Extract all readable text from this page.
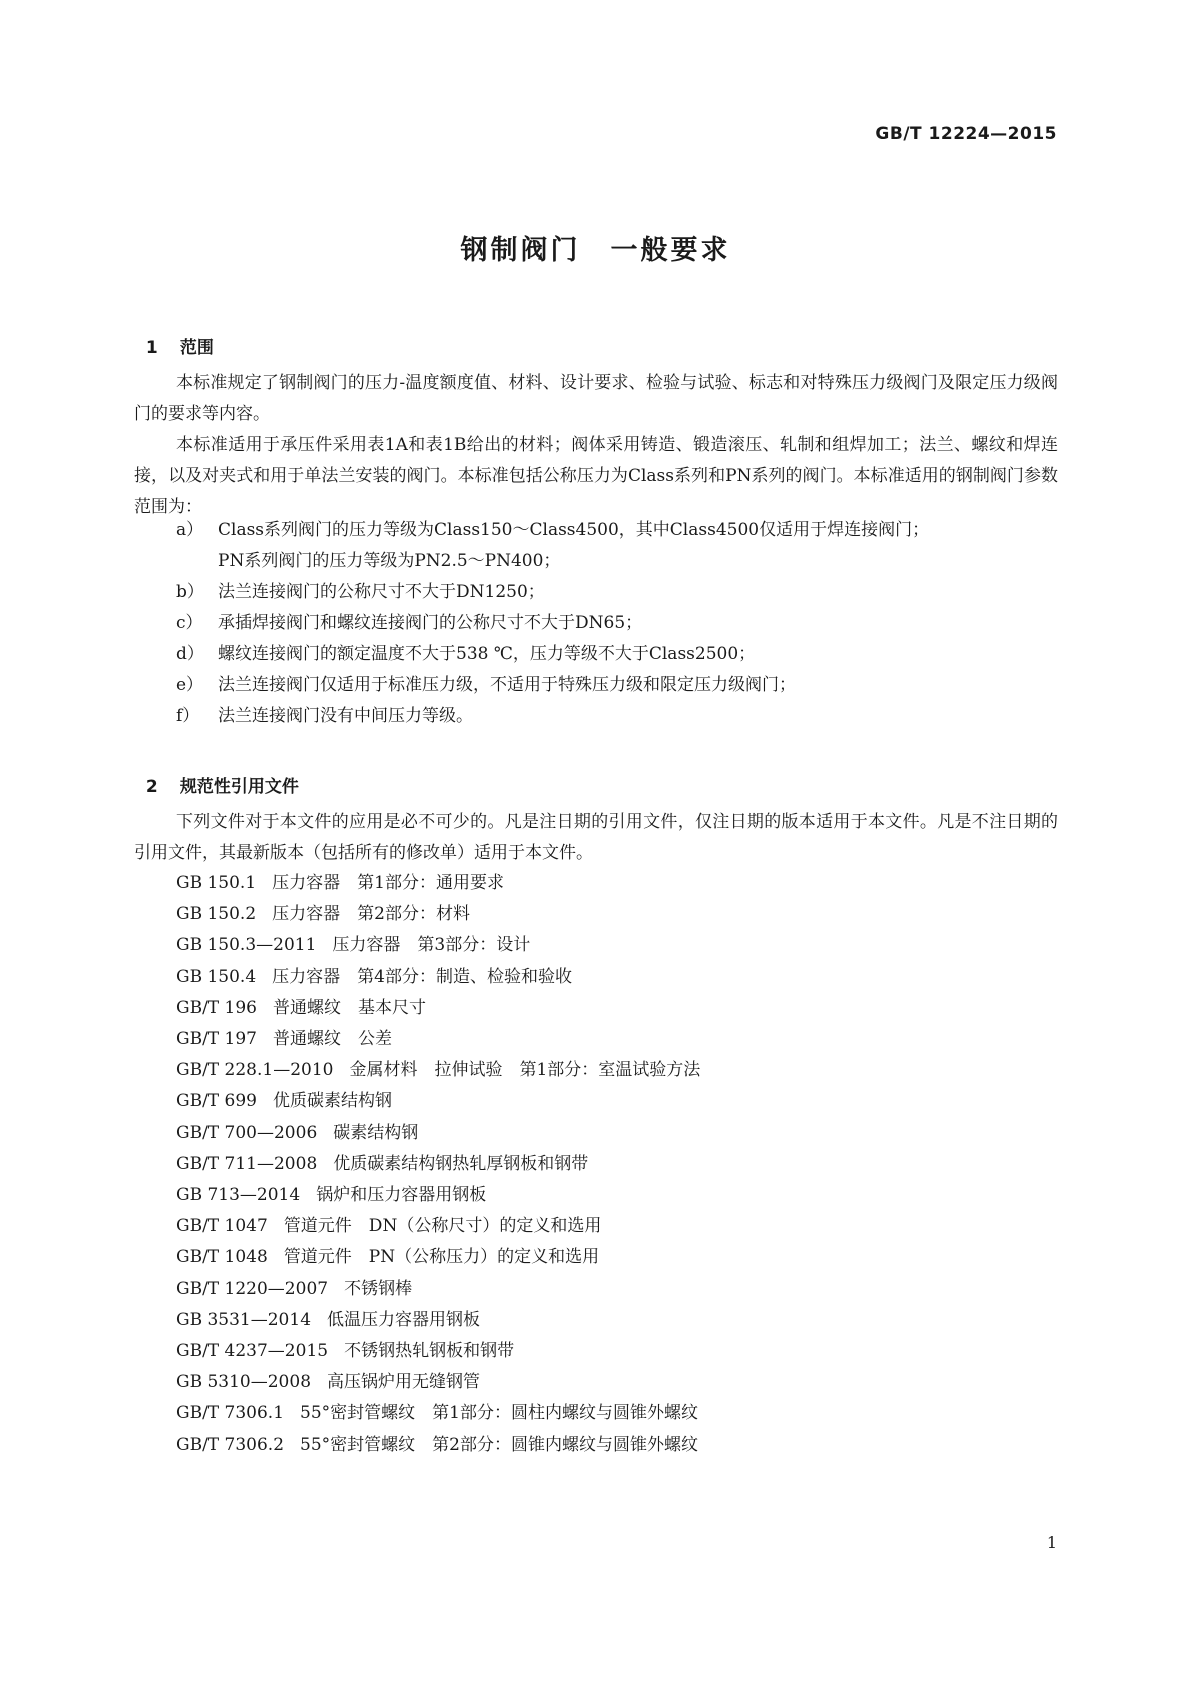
GB/T 12224—2015
钢制阀门　一般要求

1 范围

本标准规定了钢制阀门的压力-温度额度值、材料、设计要求、检验与试验、标志和对特殊压力级阀门及限定压力级阀门的要求等内容。

本标准适用于承压件采用表1A和表1B给出的材料；阀体采用铸造、锻造滚压、轧制和组焊加工；法兰、螺纹和焊连接，以及对夹式和用于单法兰安装的阀门。本标准包括公称压力为Class系列和PN系列的阀门。本标准适用的钢制阀门参数范围为：

a） Class系列阀门的压力等级为Class150～Class4500，其中Class4500仅适用于焊连接阀门；
PN系列阀门的压力等级为PN2.5～PN400；
b） 法兰连接阀门的公称尺寸不大于DN1250；
c） 承插焊接阀门和螺纹连接阀门的公称尺寸不大于DN65；
d） 螺纹连接阀门的额定温度不大于538 ℃，压力等级不大于Class2500；
e） 法兰连接阀门仅适用于标准压力级，不适用于特殊压力级和限定压力级阀门；
f） 法兰连接阀门没有中间压力等级。

2 规范性引用文件

下列文件对于本文件的应用是必不可少的。凡是注日期的引用文件，仅注日期的版本适用于本文件。凡是不注日期的引用文件，其最新版本（包括所有的修改单）适用于本文件。

GB 150.1 压力容器　第1部分：通用要求
GB 150.2 压力容器　第2部分：材料
GB 150.3—2011 压力容器　第3部分：设计
GB 150.4 压力容器　第4部分：制造、检验和验收
GB/T 196 普通螺纹　基本尺寸
GB/T 197 普通螺纹　公差
GB/T 228.1—2010 金属材料　拉伸试验　第1部分：室温试验方法
GB/T 699 优质碳素结构钢
GB/T 700—2006 碳素结构钢
GB/T 711—2008 优质碳素结构钢热轧厚钢板和钢带
GB 713—2014 锅炉和压力容器用钢板
GB/T 1047 管道元件　DN（公称尺寸）的定义和选用
GB/T 1048 管道元件　PN（公称压力）的定义和选用
GB/T 1220—2007 不锈钢棒
GB 3531—2014 低温压力容器用钢板
GB/T 4237—2015 不锈钢热轧钢板和钢带
GB 5310—2008 高压锅炉用无缝钢管
GB/T 7306.1 55°密封管螺纹　第1部分：圆柱内螺纹与圆锥外螺纹
GB/T 7306.2 55°密封管螺纹　第2部分：圆锥内螺纹与圆锥外螺纹
1
